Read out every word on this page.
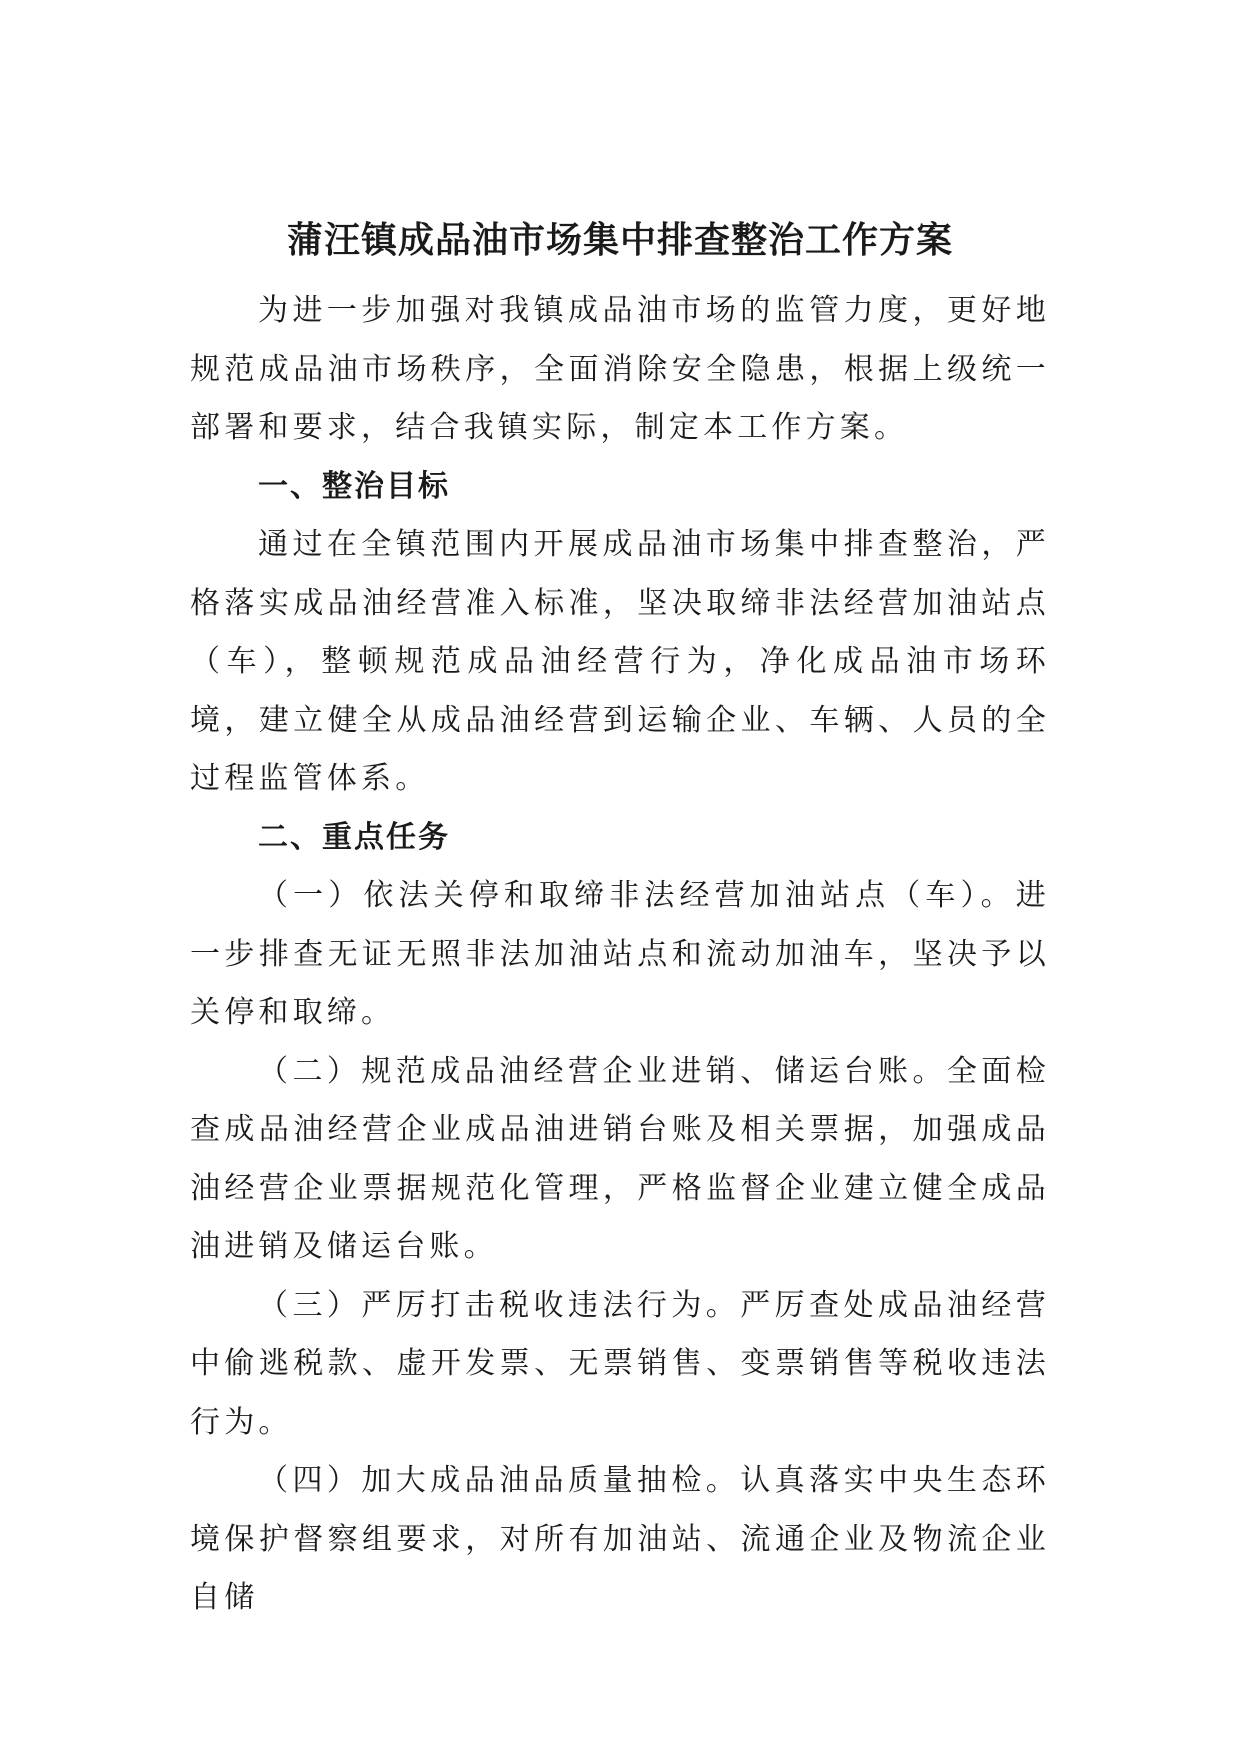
蒲汪镇成品油市场集中排查整治工作方案

为进一步加强对我镇成品油市场的监管力度，更好地规范成品油市场秩序，全面消除安全隐患，根据上级统一部署和要求，结合我镇实际，制定本工作方案。

一、整治目标

通过在全镇范围内开展成品油市场集中排查整治，严格落实成品油经营准入标准，坚决取缔非法经营加油站点（车），整顿规范成品油经营行为，净化成品油市场环境，建立健全从成品油经营到运输企业、车辆、人员的全过程监管体系。

二、重点任务

（一）依法关停和取缔非法经营加油站点（车）。进一步排查无证无照非法加油站点和流动加油车，坚决予以关停和取缔。

（二）规范成品油经营企业进销、储运台账。全面检查成品油经营企业成品油进销台账及相关票据，加强成品油经营企业票据规范化管理，严格监督企业建立健全成品油进销及储运台账。

（三）严厉打击税收违法行为。严厉查处成品油经营中偷逃税款、虚开发票、无票销售、变票销售等税收违法行为。

（四）加大成品油品质量抽检。认真落实中央生态环境保护督察组要求，对所有加油站、流通企业及物流企业自储
